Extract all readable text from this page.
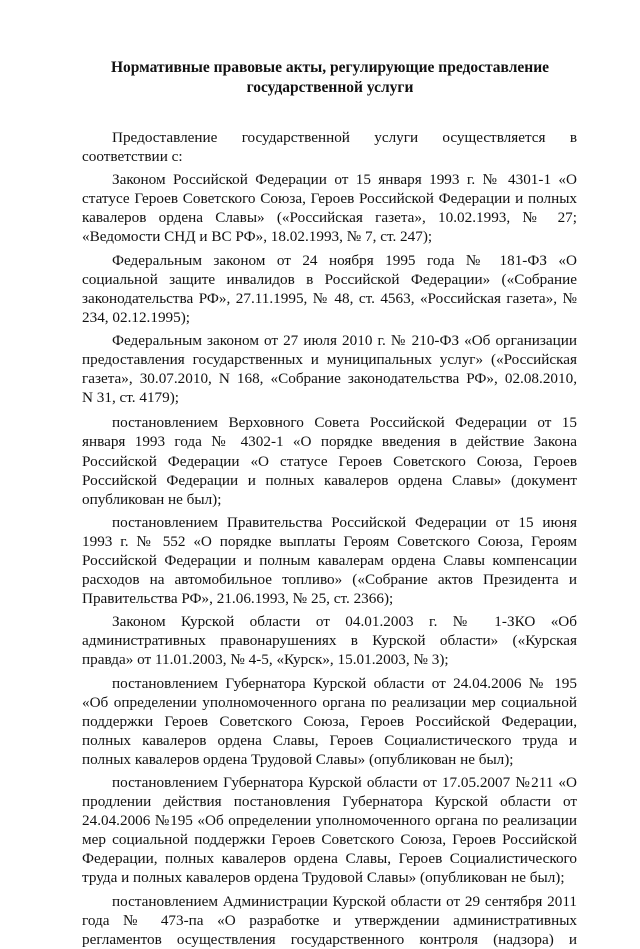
Нормативные правовые акты, регулирующие предоставление
государственной услуги
Предоставление государственной услуги осуществляется в
соответствии с:
Законом Российской Федерации от 15 января 1993 г. № 4301-1 «О
статусе Героев Советского Союза, Героев Российской Федерации и полных
кавалеров ордена Славы» («Российская газета», 10.02.1993, № 27;
«Ведомости СНД и ВС РФ», 18.02.1993, № 7, ст. 247);
Федеральным законом от 24 ноября 1995 года № 181-ФЗ «О
социальной защите инвалидов в Российской Федерации» («Собрание
законодательства РФ», 27.11.1995, № 48, ст. 4563, «Российская газета», №
234, 02.12.1995);
Федеральным законом от 27 июля 2010 г. № 210-ФЗ «Об организации
предоставления государственных и муниципальных услуг» («Российская
газета», 30.07.2010, N 168, «Собрание законодательства РФ», 02.08.2010,
N 31, ст. 4179);
постановлением Верховного Совета Российской Федерации от 15
января 1993 года № 4302-1 «О порядке введения в действие Закона
Российской Федерации «О статусе Героев Советского Союза, Героев
Российской Федерации и полных кавалеров ордена Славы» (документ
опубликован не был);
постановлением Правительства Российской Федерации от 15 июня
1993 г. № 552 «О порядке выплаты Героям Советского Союза, Героям
Российской Федерации и полным кавалерам ордена Славы компенсации
расходов на автомобильное топливо» («Собрание актов Президента и
Правительства РФ», 21.06.1993, № 25, ст. 2366);
Законом Курской области от 04.01.2003 г. № 1-ЗКО «Об
административных правонарушениях в Курской области» («Курская
правда» от 11.01.2003, № 4-5, «Курск», 15.01.2003, № 3);
постановлением Губернатора Курской области от 24.04.2006 № 195
«Об определении уполномоченного органа по реализации мер социальной
поддержки Героев Советского Союза, Героев Российской Федерации,
полных кавалеров ордена Славы, Героев Социалистического труда и
полных кавалеров ордена Трудовой Славы» (опубликован не был);
постановлением Губернатора Курской области от 17.05.2007 №211 «О
продлении действия постановления Губернатора Курской области от
24.04.2006 №195 «Об определении уполномоченного органа по реализации
мер социальной поддержки Героев Советского Союза, Героев Российской
Федерации, полных кавалеров ордена Славы, Героев Социалистического
труда и полных кавалеров ордена Трудовой Славы» (опубликован не был);
постановлением Администрации Курской области от 29 сентября 2011
года № 473-па «О разработке и утверждении административных
регламентов осуществления государственного контроля (надзора) и
